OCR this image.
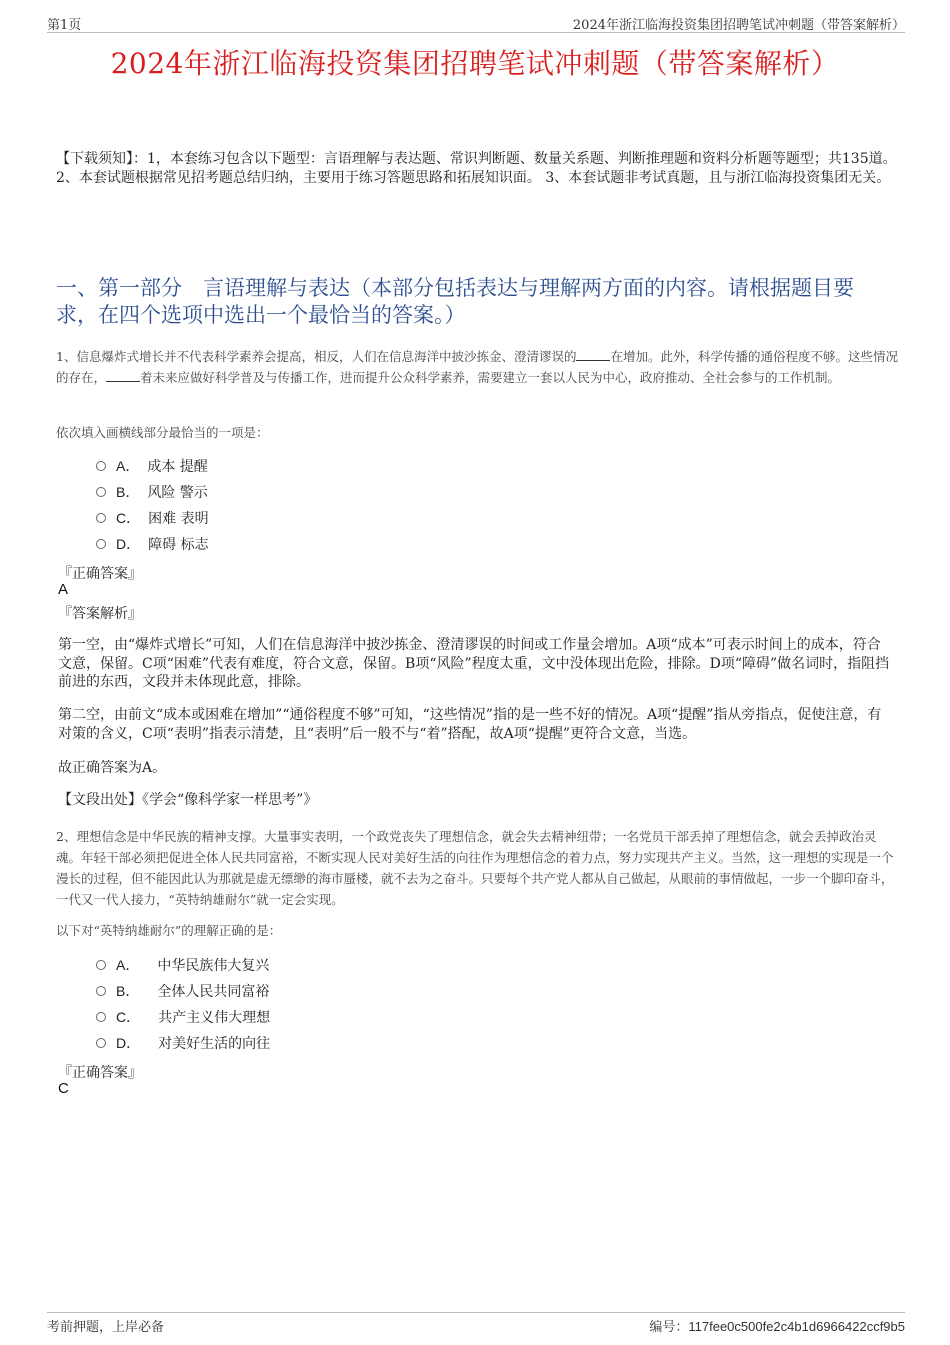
第1页	2024年浙江临海投资集团招聘笔试冲刺题（带答案解析）
2024年浙江临海投资集团招聘笔试冲刺题（带答案解析）
【下载须知】：1，本套练习包含以下题型：言语理解与表达题、常识判断题、数量关系题、判断推理题和资料分析题等题型；共135道。 2、本套试题根据常见招考题总结归纳，主要用于练习答题思路和拓展知识面。 3、本套试题非考试真题，且与浙江临海投资集团无关。
一、第一部分　言语理解与表达（本部分包括表达与理解两方面的内容。请根据题目要求，在四个选项中选出一个最恰当的答案。）
1、信息爆炸式增长并不代表科学素养会提高，相反，人们在信息海洋中披沙拣金、澄清谬误的	在增加。此外，科学传播的通俗程度不够。这些情况的存在，	着未来应做好科学普及与传播工作，进而提升公众科学素养，需要建立一套以人民为中心，政府推动、全社会参与的工作机制。
依次填入画横线部分最恰当的一项是：
A． 成本 提醒
B． 风险 警示
C． 困难 表明
D． 障碍 标志
『正确答案』
A
『答案解析』
第一空，由“爆炸式增长”可知，人们在信息海洋中披沙拣金、澄清谬误的时间或工作量会增加。A项“成本”可表示时间上的成本，符合文意，保留。C项“困难”代表有难度，符合文意，保留。B项“风险”程度太重，文中没体现出危险，排除。D项“障碍”做名词时，指阻挡前进的东西，文段并未体现此意，排除。
第二空，由前文“成本或困难在增加”“通俗程度不够”可知，“这些情况”指的是一些不好的情况。A项“提醒”指从旁指点，促使注意，有对策的含义，C项“表明”指表示清楚，且“表明”后一般不与“着”搭配，故A项“提醒”更符合文意，当选。
故正确答案为A。
【文段出处】《学会“像科学家一样思考”》
2、理想信念是中华民族的精神支撑。大量事实表明，一个政党丧失了理想信念，就会失去精神纽带；一名党员干部丢掉了理想信念，就会丢掉政治灵魂。年轻干部必须把促进全体人民共同富裕，不断实现人民对美好生活的向往作为理想信念的着力点，努力实现共产主义。当然，这一理想的实现是一个漫长的过程，但不能因此认为那就是虚无缥缈的海市蜃楼，就不去为之奋斗。只要每个共产党人都从自己做起，从眼前的事情做起，一步一个脚印奋斗，一代又一代人接力，“英特纳雄耐尔”就一定会实现。
以下对“英特纳雄耐尔”的理解正确的是：
A． 中华民族伟大复兴
B． 全体人民共同富裕
C． 共产主义伟大理想
D． 对美好生活的向往
『正确答案』
C
考前押题，上岸必备	编号：117fee0c500fe2c4b1d6966422ccf9b5
